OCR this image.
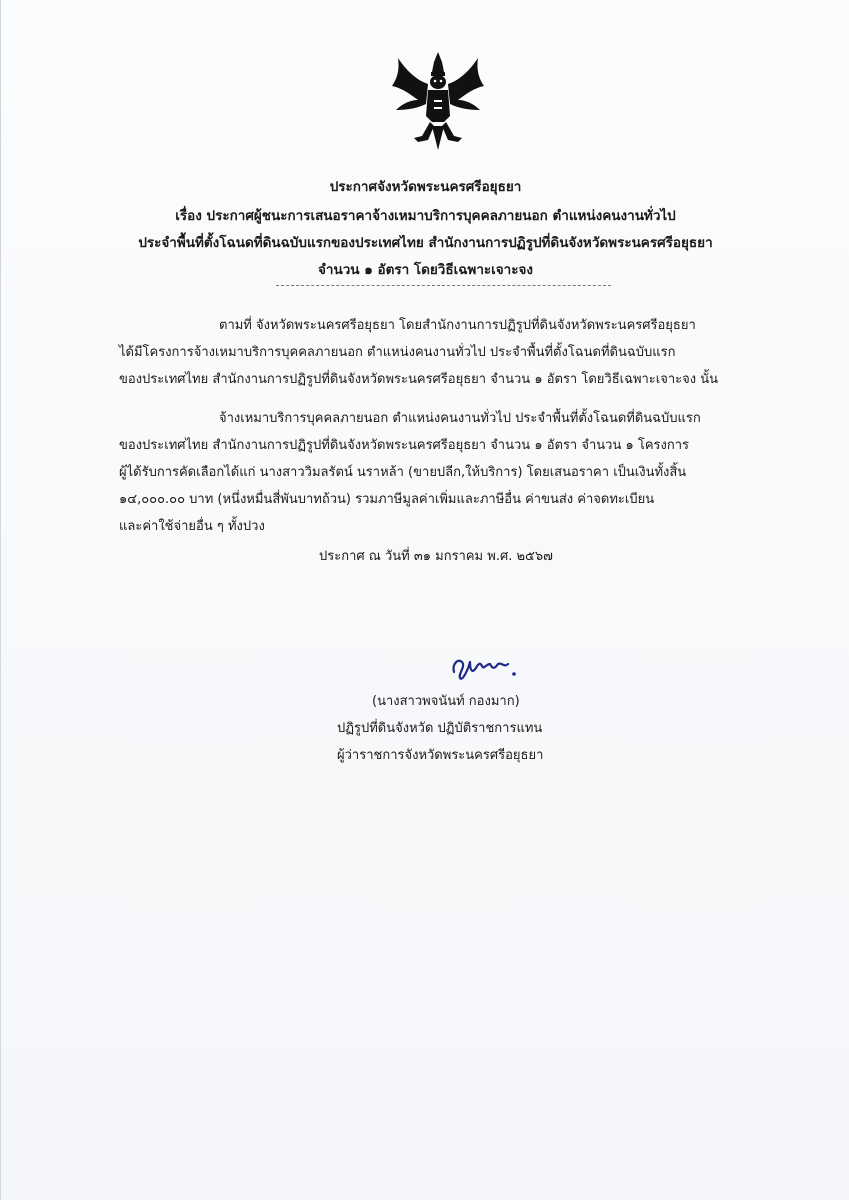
ประกาศจังหวัดพระนครศรีอยุธยา
เรื่อง ประกาศผู้ชนะการเสนอราคาจ้างเหมาบริการบุคคลภายนอก ตำแหน่งคนงานทั่วไป
ประจำพื้นที่ตั้งโฉนดที่ดินฉบับแรกของประเทศไทย สำนักงานการปฏิรูปที่ดินจังหวัดพระนครศรีอยุธยา
จำนวน ๑ อัตรา โดยวิธีเฉพาะเจาะจง
ตามที่ จังหวัดพระนครศรีอยุธยา โดยสำนักงานการปฏิรูปที่ดินจังหวัดพระนครศรีอยุธยา
ได้มีโครงการจ้างเหมาบริการบุคคลภายนอก ตำแหน่งคนงานทั่วไป ประจำพื้นที่ตั้งโฉนดที่ดินฉบับแรก
ของประเทศไทย สำนักงานการปฏิรูปที่ดินจังหวัดพระนครศรีอยุธยา จำนวน ๑ อัตรา โดยวิธีเฉพาะเจาะจง นั้น
จ้างเหมาบริการบุคคลภายนอก ตำแหน่งคนงานทั่วไป ประจำพื้นที่ตั้งโฉนดที่ดินฉบับแรก
ของประเทศไทย สำนักงานการปฏิรูปที่ดินจังหวัดพระนครศรีอยุธยา จำนวน ๑ อัตรา จำนวน ๑ โครงการ
ผู้ได้รับการคัดเลือกได้แก่ นางสาววิมลรัตน์ นราหล้า (ขายปลีก,ให้บริการ) โดยเสนอราคา เป็นเงินทั้งสิ้น
๑๔,๐๐๐.๐๐ บาท (หนึ่งหมื่นสี่พันบาทถ้วน) รวมภาษีมูลค่าเพิ่มและภาษีอื่น ค่าขนส่ง ค่าจดทะเบียน
และค่าใช้จ่ายอื่น ๆ ทั้งปวง
ประกาศ ณ วันที่ ๓๑ มกราคม พ.ศ. ๒๕๖๗
(นางสาวพจนันท์ กองมาก)
ปฏิรูปที่ดินจังหวัด ปฏิบัติราชการแทน
ผู้ว่าราชการจังหวัดพระนครศรีอยุธยา
